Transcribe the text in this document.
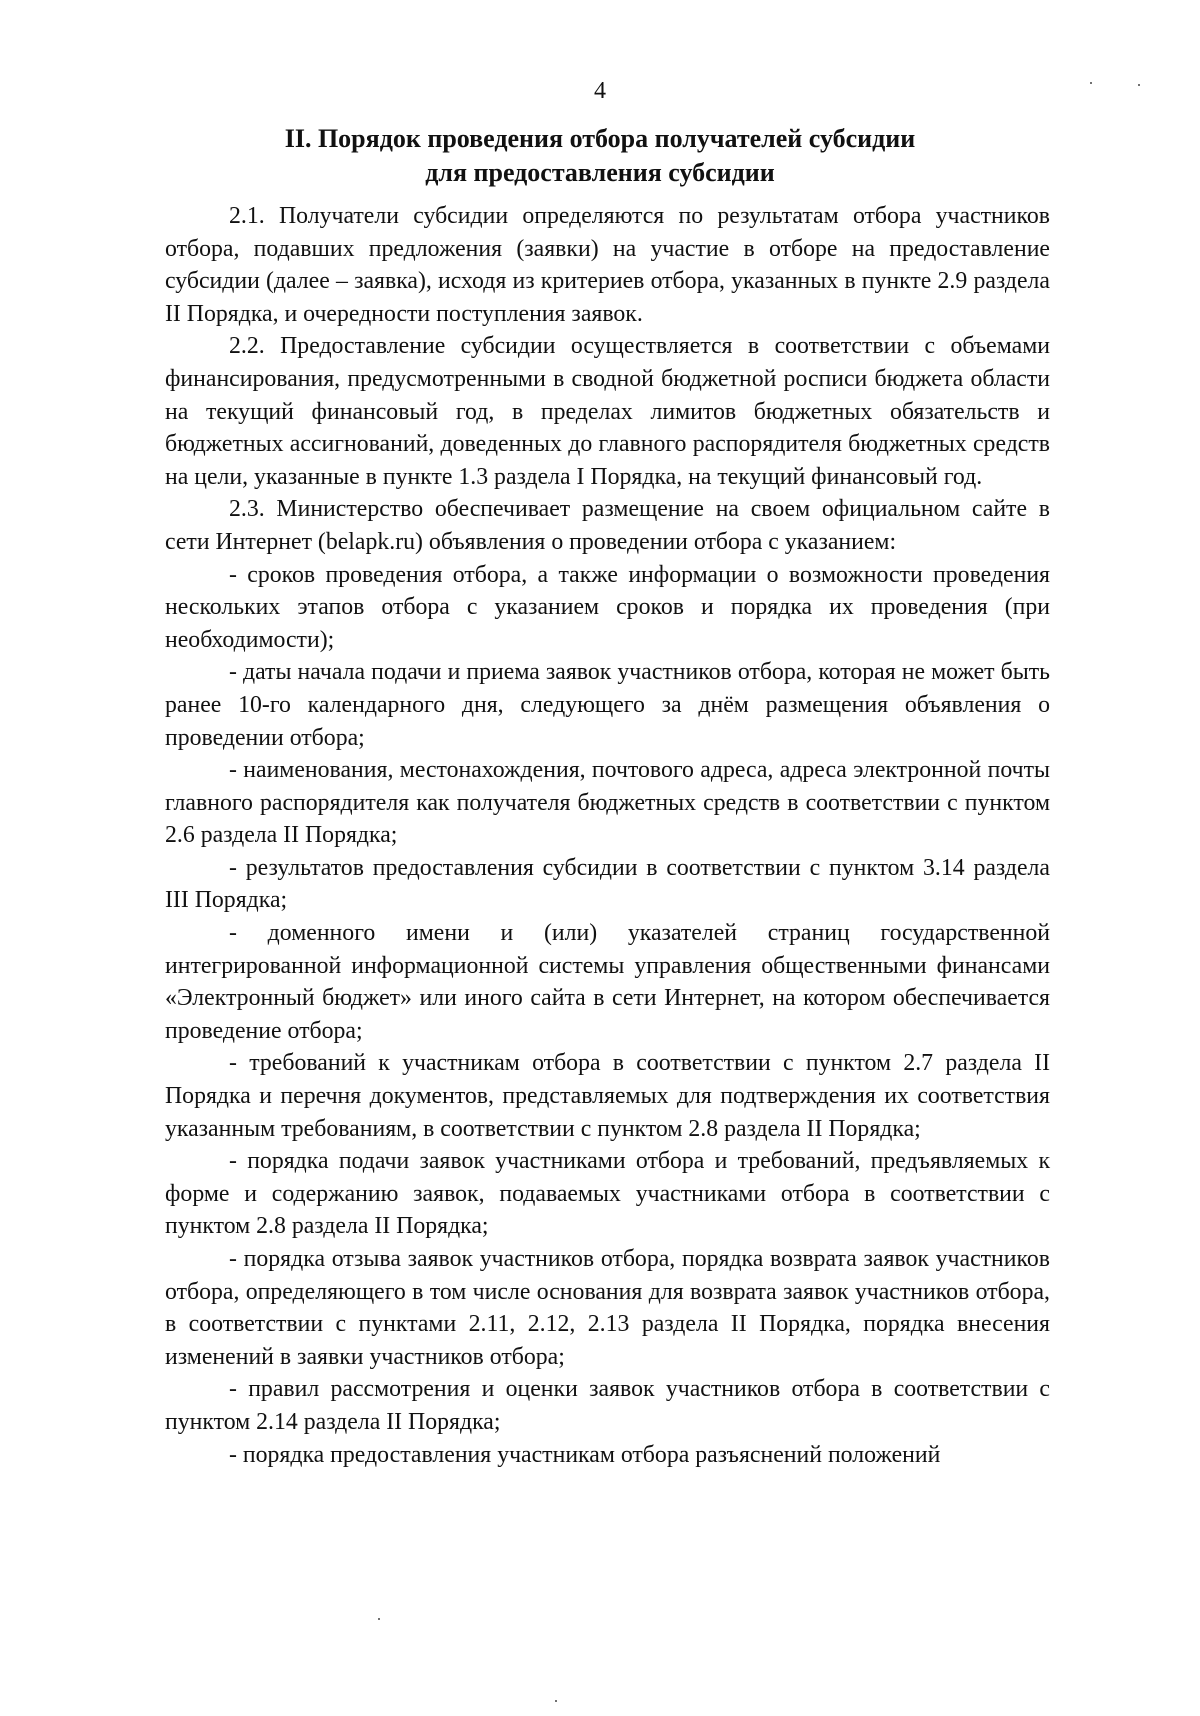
4
II. Порядок проведения отбора получателей субсидии
для предоставления субсидии

2.1. Получатели субсидии определяются по результатам отбора участников отбора, подавших предложения (заявки) на участие в отборе на предоставление субсидии (далее – заявка), исходя из критериев отбора, указанных в пункте 2.9 раздела II Порядка, и очередности поступления заявок.

2.2. Предоставление субсидии осуществляется в соответствии с объемами финансирования, предусмотренными в сводной бюджетной росписи бюджета области на текущий финансовый год, в пределах лимитов бюджетных обязательств и бюджетных ассигнований, доведенных до главного распорядителя бюджетных средств на цели, указанные в пункте 1.3 раздела I Порядка, на текущий финансовый год.

2.3. Министерство обеспечивает размещение на своем официальном сайте в сети Интернет (belapk.ru) объявления о проведении отбора с указанием:

- сроков проведения отбора, а также информации о возможности проведения нескольких этапов отбора с указанием сроков и порядка их проведения (при необходимости);

- даты начала подачи и приема заявок участников отбора, которая не может быть ранее 10-го календарного дня, следующего за днём размещения объявления о проведении отбора;

- наименования, местонахождения, почтового адреса, адреса электронной почты главного распорядителя как получателя бюджетных средств в соответствии с пунктом 2.6 раздела II Порядка;

- результатов предоставления субсидии в соответствии с пунктом 3.14 раздела III Порядка;

- доменного имени и (или) указателей страниц государственной интегрированной информационной системы управления общественными финансами «Электронный бюджет» или иного сайта в сети Интернет, на котором обеспечивается проведение отбора;

- требований к участникам отбора в соответствии с пунктом 2.7 раздела II Порядка и перечня документов, представляемых для подтверждения их соответствия указанным требованиям, в соответствии с пунктом 2.8 раздела II Порядка;

- порядка подачи заявок участниками отбора и требований, предъявляемых к форме и содержанию заявок, подаваемых участниками отбора в соответствии с пунктом 2.8 раздела II Порядка;

- порядка отзыва заявок участников отбора, порядка возврата заявок участников отбора, определяющего в том числе основания для возврата заявок участников отбора, в соответствии с пунктами 2.11, 2.12, 2.13 раздела II Порядка, порядка внесения изменений в заявки участников отбора;

- правил рассмотрения и оценки заявок участников отбора в соответствии с пунктом 2.14 раздела II Порядка;

- порядка предоставления участникам отбора разъяснений положений
